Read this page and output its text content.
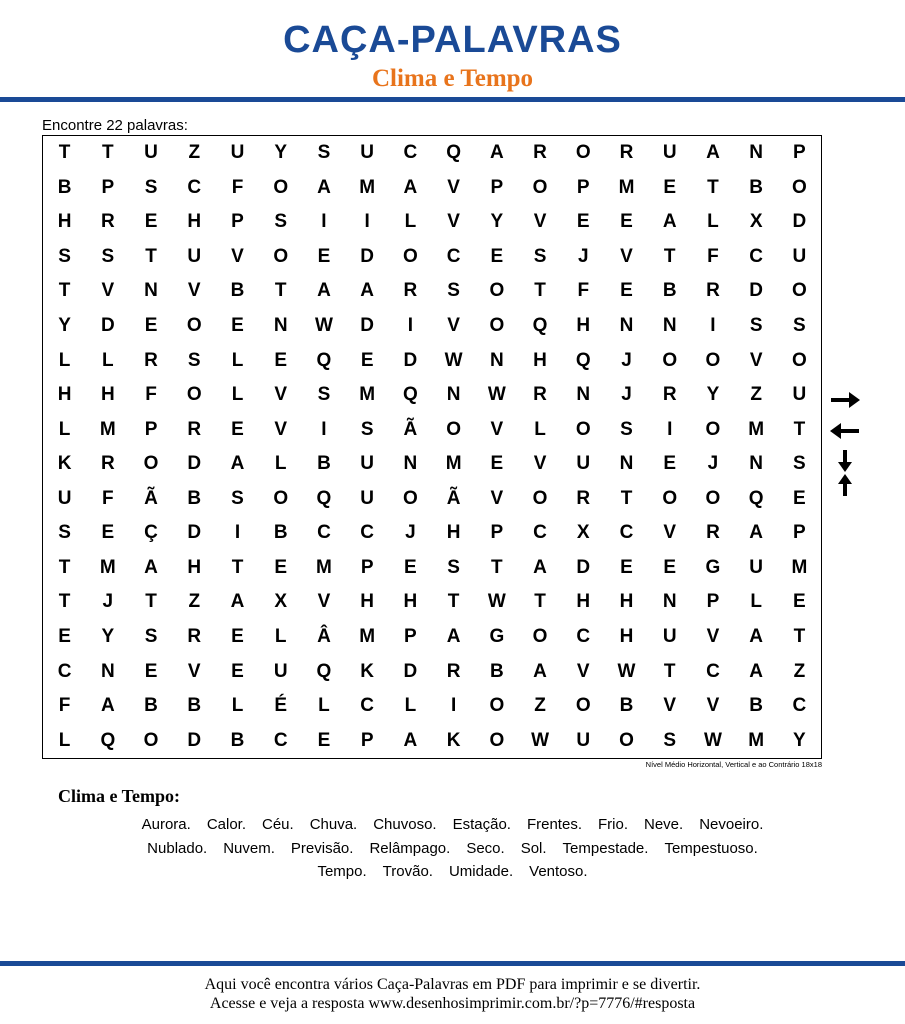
CAÇA-PALAVRAS
Clima e Tempo
Encontre 22 palavras:
T	T	U	Z	U	Y	S	U	C	Q	A	R	O	R	U	A	N	P
B	P	S	C	F	O	A	M	A	V	P	O	P	M	E	T	B	O
H	R	E	H	P	S	I	I	L	V	Y	V	E	E	A	L	X	D
S	S	T	U	V	O	E	D	O	C	E	S	J	V	T	F	C	U
T	V	N	V	B	T	A	A	R	S	O	T	F	E	B	R	D	O
Y	D	E	O	E	N	W	D	I	V	O	Q	H	N	N	I	S	S
L	L	R	S	L	E	Q	E	D	W	N	H	Q	J	O	O	V	O
H	H	F	O	L	V	S	M	Q	N	W	R	N	J	R	Y	Z	U
L	M	P	R	E	V	I	S	Ã	O	V	L	O	S	I	O	M	T
K	R	O	D	A	L	B	U	N	M	E	V	U	N	E	J	N	S
U	F	Ã	B	S	O	Q	U	O	Ã	V	O	R	T	O	O	Q	E
S	E	Ç	D	I	B	C	C	J	H	P	C	X	C	V	R	A	P
T	M	A	H	T	E	M	P	E	S	T	A	D	E	E	G	U	M
T	J	T	Z	A	X	V	H	H	T	W	T	H	H	N	P	L	E
E	Y	S	R	E	L	Â	M	P	A	G	O	C	H	U	V	A	T
C	N	E	V	E	U	Q	K	D	R	B	A	V	W	T	C	A	Z
F	A	B	B	L	É	L	C	L	I	O	Z	O	B	V	V	B	C
L	Q	O	D	B	C	E	P	A	K	O	W	U	O	S	W	M	Y
Nível Médio Horizontal, Vertical e ao Contrário 18x18
Clima e Tempo:
Aurora. Calor. Céu. Chuva. Chuvoso. Estação. Frentes. Frio. Neve. Nevoeiro.
Nublado. Nuvem. Previsão. Relâmpago. Seco. Sol. Tempestade. Tempestuoso.
Tempo. Trovão. Umidade. Ventoso.
Aqui você encontra vários Caça-Palavras em PDF para imprimir e se divertir.
Acesse e veja a resposta www.desenhosimprimir.com.br/?p=7776/#resposta
